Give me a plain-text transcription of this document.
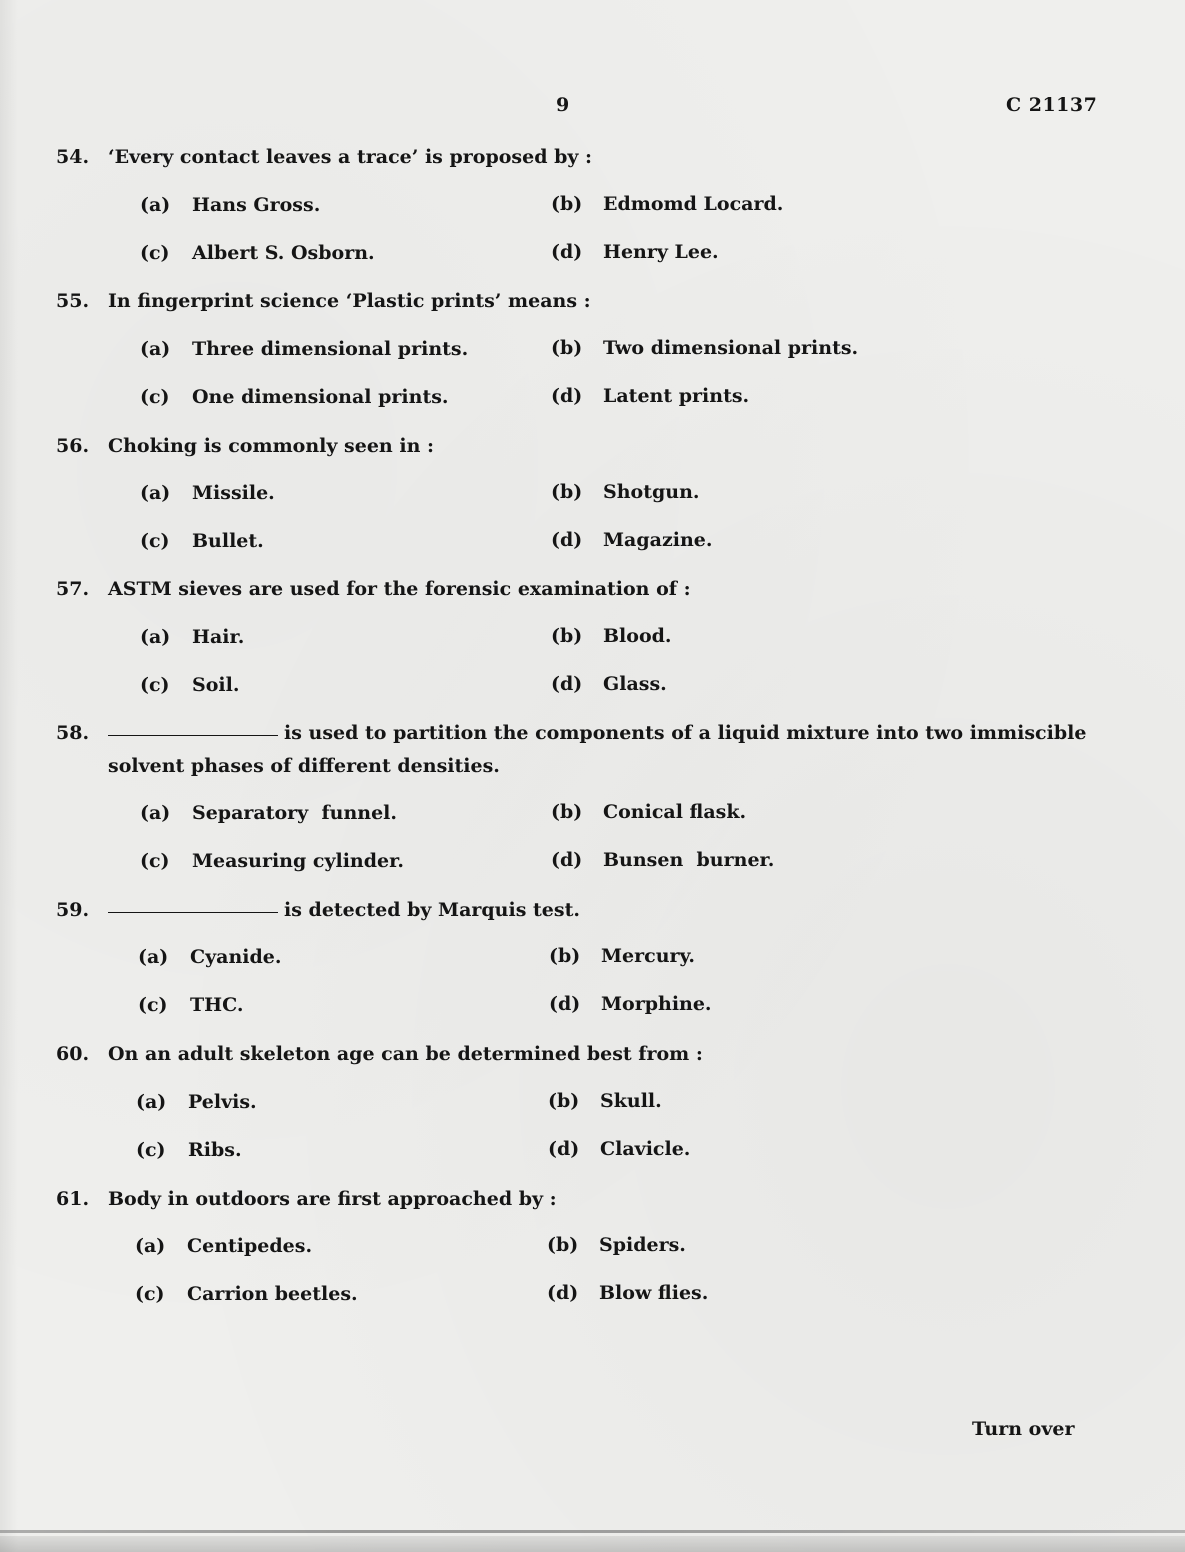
9	C 21137
54. ‘Every contact leaves a trace’ is proposed by :
(a) Hans Gross.	(b) Edmomd Locard.
(c) Albert S. Osborn.	(d) Henry Lee.
55. In fingerprint science ‘Plastic prints’ means :
(a) Three dimensional prints.	(b) Two dimensional prints.
(c) One dimensional prints.	(d) Latent prints.
56. Choking is commonly seen in :
(a) Missile.	(b) Shotgun.
(c) Bullet.	(d) Magazine.
57. ASTM sieves are used for the forensic examination of :
(a) Hair.	(b) Blood.
(c) Soil.	(d) Glass.
58.	is used to partition the components of a liquid mixture into two immiscible solvent phases of different densities.
(a) Separatory  funnel.	(b) Conical flask.
(c) Measuring cylinder.	(d) Bunsen  burner.
59.	is detected by Marquis test.
(a) Cyanide.	(b) Mercury.
(c) THC.	(d) Morphine.
60. On an adult skeleton age can be determined best from :
(a) Pelvis.	(b) Skull.
(c) Ribs.	(d) Clavicle.
61. Body in outdoors are first approached by :
(a) Centipedes.	(b) Spiders.
(c) Carrion beetles.	(d) Blow flies.
Turn over
